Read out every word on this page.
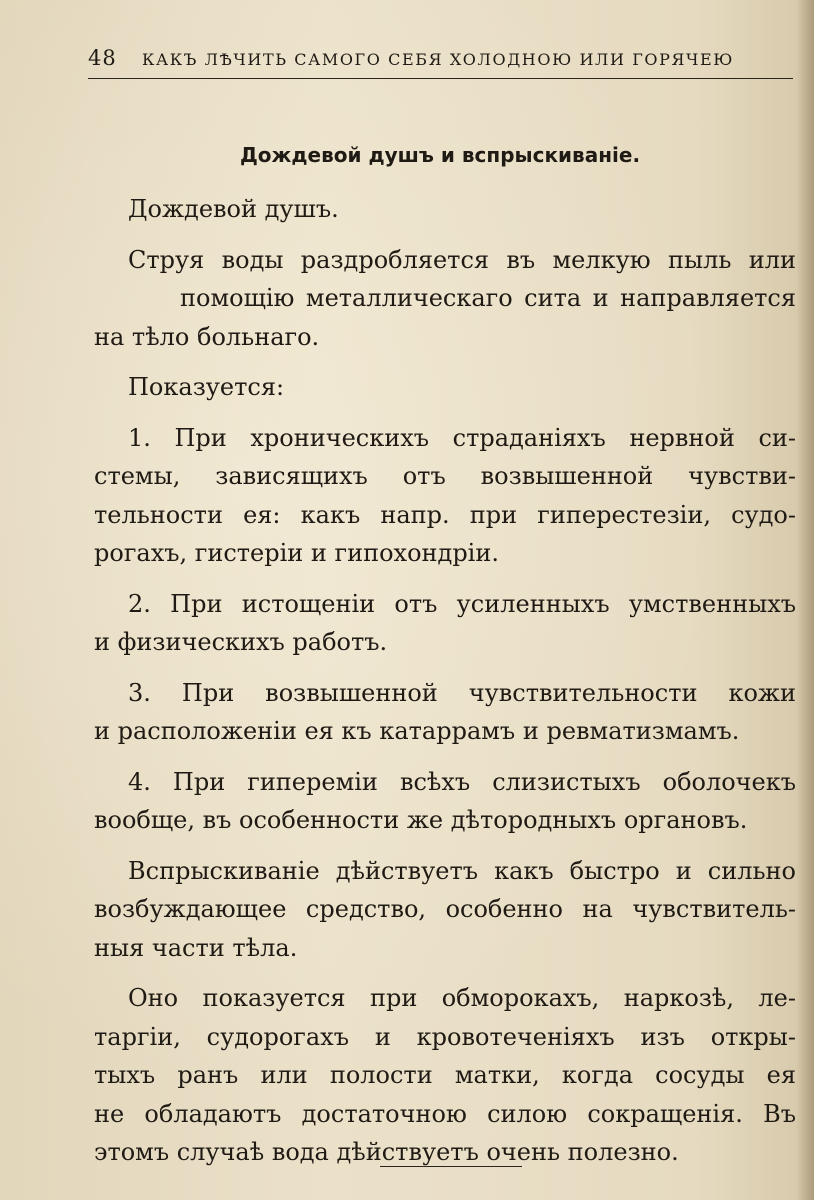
48 КАКЪ ЛѢЧИТЬ САМОГО СЕБЯ ХОЛОДНОЮ ИЛИ ГОРЯЧЕЮ
Дождевой душъ и вспрыскиваніе.
Дождевой душъ.
Струя воды раздробляется въ мелкую пыль или
помощію металлическаго сита и направляется
на тѣло больнаго.
Показуется:
1. При хроническихъ страданіяхъ нервной си-
стемы, зависящихъ отъ возвышенной чувстви-
тельности ея: какъ напр. при гиперестезіи, судо-
рогахъ, гистеріи и гипохондріи.
2. При истощеніи отъ усиленныхъ умственныхъ
и физическихъ работъ.
3. При возвышенной чувствительности кожи
и расположеніи ея къ катаррамъ и ревматизмамъ.
4. При гипереміи всѣхъ слизистыхъ оболочекъ
вообще, въ особенности же дѣтородныхъ органовъ.
Вспрыскиваніе дѣйствуетъ какъ быстро и сильно
возбуждающее средство, особенно на чувствитель-
ныя части тѣла.
Оно показуется при обморокахъ, наркозѣ, ле-
таргіи, судорогахъ и кровотеченіяхъ изъ откры-
тыхъ ранъ или полости матки, когда сосуды ея
не обладаютъ достаточною силою сокращенія. Въ
этомъ случаѣ вода дѣйствуетъ очень полезно.
